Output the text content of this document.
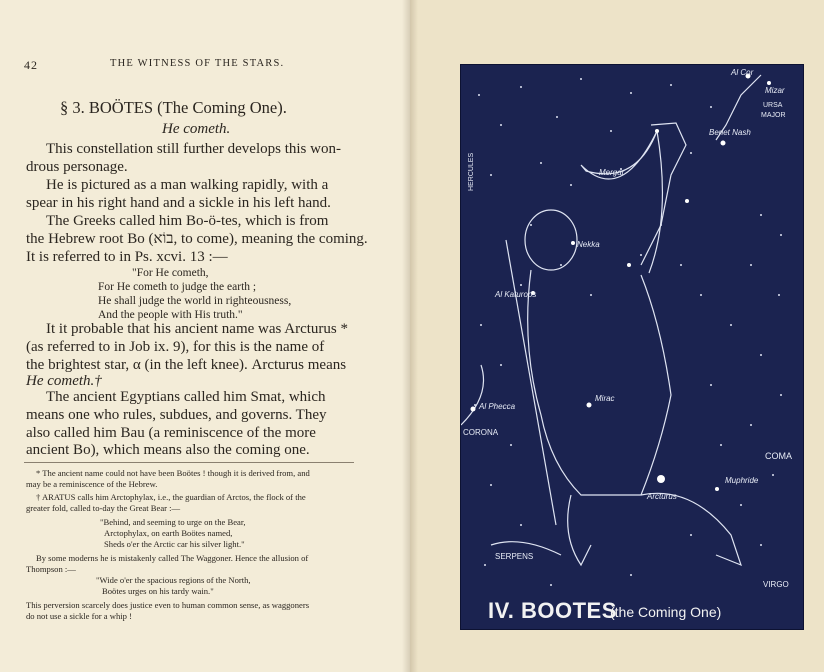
42	THE WITNESS OF THE STARS.
§ 3. BOÖTES (The Coming One).
He cometh.
This constellation still further develops this won-
drous personage.
He is pictured as a man walking rapidly, with a
spear in his right hand and a sickle in his left hand.
The Greeks called him Bo-ö-tes, which is from
the Hebrew root Bo (בוֹא, to come), meaning the coming.
It is referred to in Ps. xcvi. 13 :—
"For He cometh,
For He cometh to judge the earth ;
He shall judge the world in righteousness,
And the people with His truth."
It it probable that his ancient name was Arcturus *
(as referred to in Job ix. 9), for this is the name of
the brightest star, α (in the left knee). Arcturus means
He cometh.†
The ancient Egyptians called him Smat, which
means one who rules, subdues, and governs. They
also called him Bau (a reminiscence of the more
ancient Bo), which means also the coming one.
* The ancient name could not have been Boötes ! though it is derived from, and
may be a reminiscence of the Hebrew.
† ARATUS calls him Arctophylax, i.e., the guardian of Arctos, the flock of the
greater fold, called to-day the Great Bear :—
"Behind, and seeming to urge on the Bear,
Arctophylax, on earth Boötes named,
Sheds o'er the Arctic car his silver light."
By some moderns he is mistakenly called The Waggoner. Hence the allusion of
Thompson :—
"Wide o'er the spacious regions of the North,
Boötes urges on his tardy wain."
This perversion scarcely does justice even to human common sense, as waggoners
do not use a sickle for a whip !
Al Cor
Mizar
URSA
MAJOR
Benet Nash
HERCULES	Mergar
Nekka
Al Katurops
Al Phecca
CORONA
Mirac
COMA
Muphride
Arcturus
SERPENS
VIRGO
IV. BOOTES
(the Coming One)
